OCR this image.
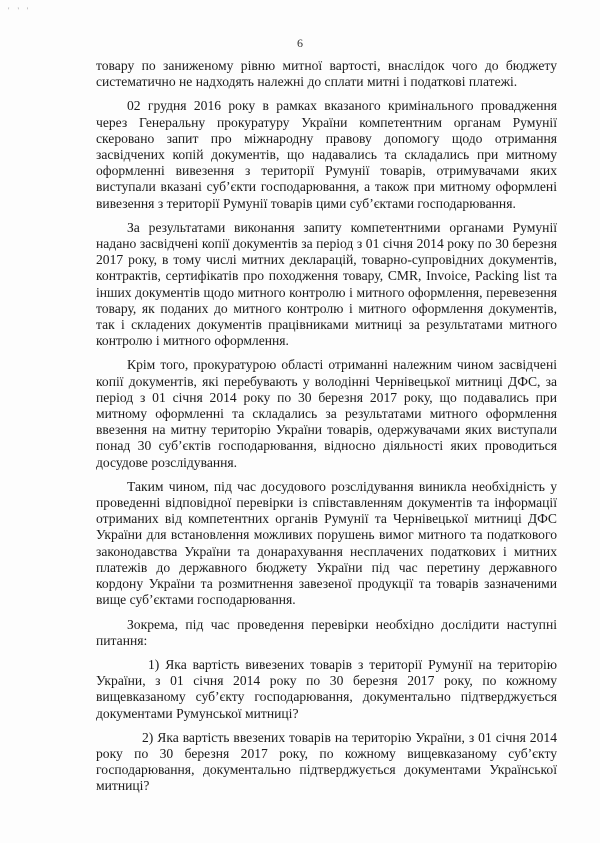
' ' '
6

товару по заниженому рівню митної вартості, внаслідок чого до бюджету систематично не надходять належні до сплати митні і податкові платежі.

02 грудня 2016 року в рамках вказаного кримінального провадження через Генеральну прокуратуру України компетентним органам Румунії скеровано запит про міжнародну правову допомогу щодо отримання засвідчених копій документів, що надавались та складались при митному оформленні вивезення з території Румунії товарів, отримувачами яких виступали вказані суб’єкти господарювання, а також при митному оформлені вивезення з території Румунії товарів цими суб’єктами господарювання.

За результатами виконання запиту компетентними органами Румунії надано засвідчені копії документів за період з 01 січня 2014 року по 30 березня 2017 року, в тому числі митних декларацій, товарно-супровідних документів, контрактів, сертифікатів про походження товару, CMR, Invoice, Packing list та інших документів щодо митного контролю і митного оформлення, перевезення товару, як поданих до митного контролю і митного оформлення документів, так і складених документів працівниками митниці за результатами митного контролю і митного оформлення.

Крім того, прокуратурою області отриманні належним чином засвідчені копії документів, які перебувають у володінні Чернівецької митниці ДФС, за період з 01 січня 2014 року по 30 березня 2017 року, що подавались при митному оформленні та складались за результатами митного оформлення ввезення на митну територію України товарів, одержувачами яких виступали понад 30 суб’єктів господарювання, відносно діяльності яких проводиться досудове розслідування.

Таким чином, під час досудового розслідування виникла необхідність у проведенні відповідної перевірки із співставленням документів та інформації отриманих від компетентних органів Румунії та Чернівецької митниці ДФС України для встановлення можливих порушень вимог митного та податкового законодавства України та донарахування несплачених податкових і митних платежів до державного бюджету України під час перетину державного кордону України та розмитнення завезеної продукції та товарів зазначеними вище суб’єктами господарювання.

Зокрема, під час проведення перевірки необхідно дослідити наступні питання:

1) Яка вартість вивезених товарів з території Румунії на територію України, з 01 січня 2014 року по 30 березня 2017 року, по кожному вищевказаному суб’єкту господарювання, документально підтверджується документами Румунської митниці?

2) Яка вартість ввезених товарів на територію України, з 01 січня 2014 року по 30 березня 2017 року, по кожному вищевказаному суб’єкту господарювання, документально підтверджується документами Української митниці?
